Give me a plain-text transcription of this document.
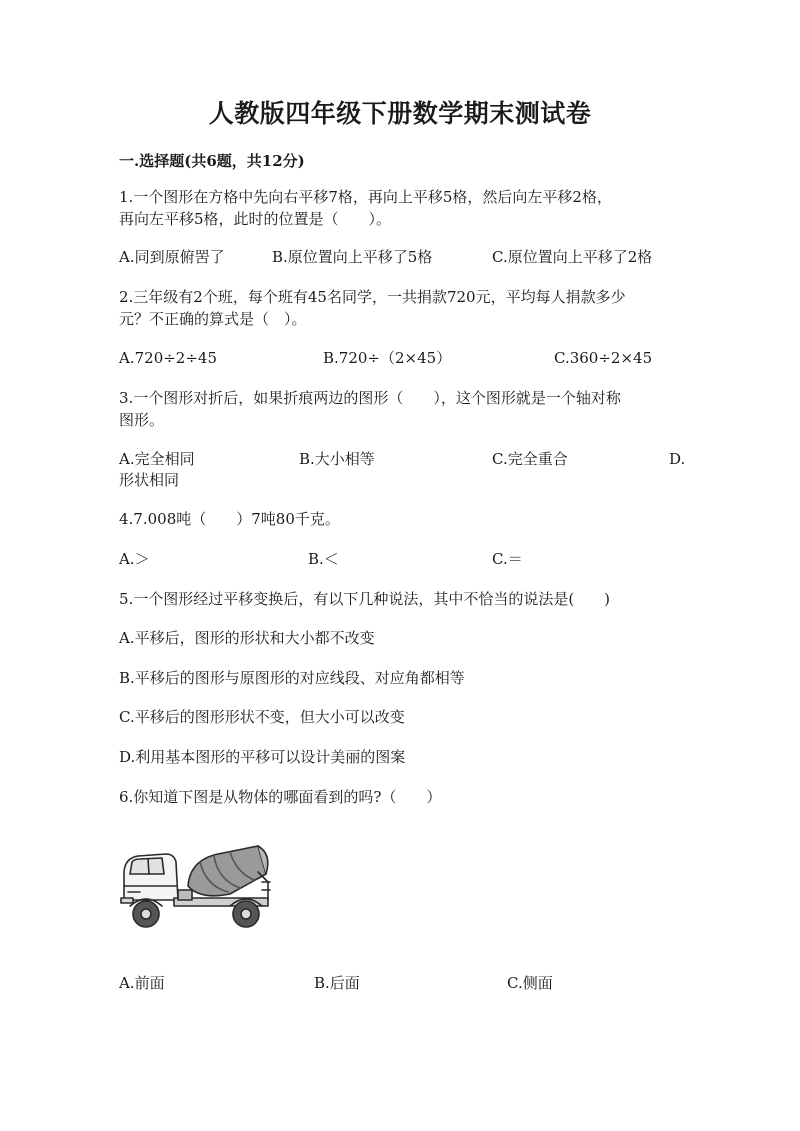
人教版四年级下册数学期末测试卷
一.选择题(共6题，共12分)
1.一个图形在方格中先向右平移7格，再向上平移5格，然后向左平移2格，
再向左平移5格，此时的位置是（　　）。
A.同到原俯罟了	B.原位置向上平移了5格	C.原位置向上平移了2格
2.三年级有2个班，每个班有45名同学，一共捐款720元，平均每人捐款多少
元？不正确的算式是（　）。
A.720÷2÷45	B.720÷（2×45）	C.360÷2×45
3.一个图形对折后，如果折痕两边的图形（　　），这个图形就是一个轴对称
图形。
A.完全相同	B.大小相等	C.完全重合	D.
形状相同
4.7.008吨（　　）7吨80千克。
A.＞	B.＜	C.＝
5.一个图形经过平移变换后，有以下几种说法，其中不恰当的说法是(　　)
A.平移后，图形的形状和大小都不改变
B.平移后的图形与原图形的对应线段、对应角都相等
C.平移后的图形形状不变，但大小可以改变
D.利用基本图形的平移可以设计美丽的图案
6.你知道下图是从物体的哪面看到的吗?（　　）
A.前面	B.后面	C.侧面
